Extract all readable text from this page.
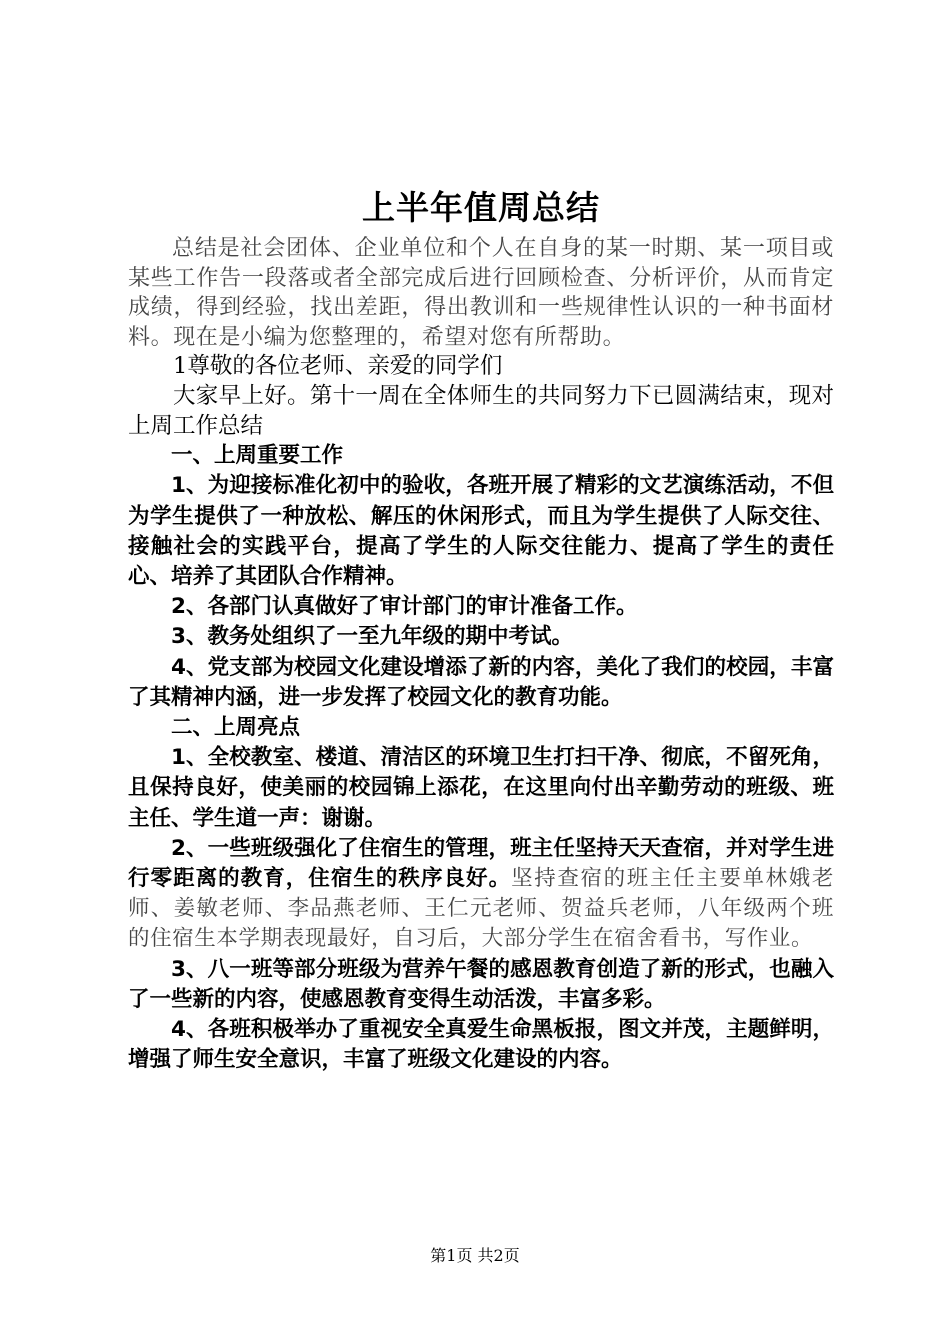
上半年值周总结

总结是社会团体、企业单位和个人在自身的某一时期、某一项目或某些工作告一段落或者全部完成后进行回顾检查、分析评价，从而肯定成绩，得到经验，找出差距，得出教训和一些规律性认识的一种书面材料。现在是小编为您整理的，希望对您有所帮助。

1尊敬的各位老师、亲爱的同学们

大家早上好。第十一周在全体师生的共同努力下已圆满结束，现对上周工作总结

一、上周重要工作

1、为迎接标准化初中的验收，各班开展了精彩的文艺演练活动，不但为学生提供了一种放松、解压的休闲形式，而且为学生提供了人际交往、接触社会的实践平台，提高了学生的人际交往能力、提高了学生的责任心、培养了其团队合作精神。

2、各部门认真做好了审计部门的审计准备工作。

3、教务处组织了一至九年级的期中考试。

4、党支部为校园文化建设增添了新的内容，美化了我们的校园，丰富了其精神内涵，进一步发挥了校园文化的教育功能。

二、上周亮点

1、全校教室、楼道、清洁区的环境卫生打扫干净、彻底，不留死角，且保持良好，使美丽的校园锦上添花，在这里向付出辛勤劳动的班级、班主任、学生道一声：谢谢。

2、一些班级强化了住宿生的管理，班主任坚持天天查宿，并对学生进行零距离的教育，住宿生的秩序良好。坚持查宿的班主任主要单林娥老师、姜敏老师、李品燕老师、王仁元老师、贺益兵老师，八年级两个班的住宿生本学期表现最好，自习后，大部分学生在宿舍看书，写作业。

3、八一班等部分班级为营养午餐的感恩教育创造了新的形式，也融入了一些新的内容，使感恩教育变得生动活泼，丰富多彩。

4、各班积极举办了重视安全真爱生命黑板报，图文并茂，主题鲜明，增强了师生安全意识，丰富了班级文化建设的内容。

第1页 共2页
